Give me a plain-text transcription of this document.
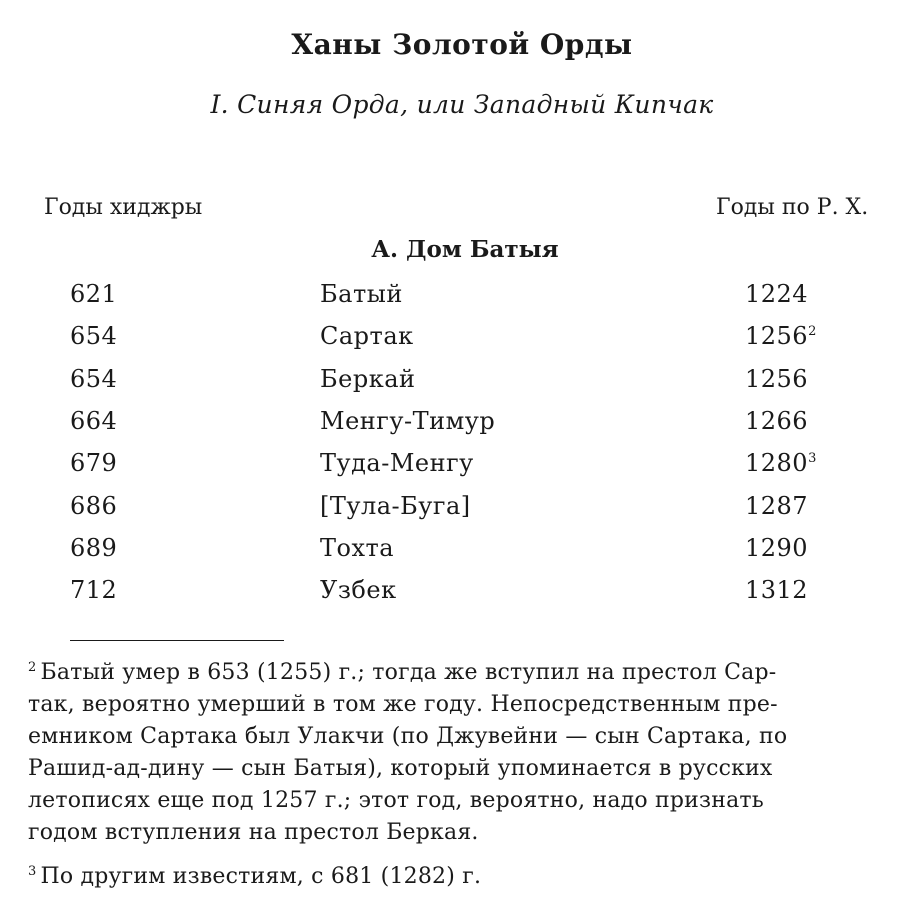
Ханы Золотой Орды
I. Синяя Орда, или Западный Кипчак
Годы хиджры	Годы по Р. X.
А. Дом Батыя
621	Батый	1224
654	Сартак	1256$^2$
654	Беркай	1256
664	Менгу-Тимур	1266
679	Туда-Менгу	1280$^3$
686	[Тула-Буга]	1287
689	Тохта	1290
712	Узбек	1312
$^2$ Батый умер в 653 (1255) г.; тогда же вступил на престол Сар-
так, вероятно умерший в том же году. Непосредственным пре-
емником Сартака был Улакчи (по Джувейни — сын Сартака, по
Рашид-ад-дину — сын Батыя), который упоминается в русских
летописях еще под 1257 г.; этот год, вероятно, надо признать
годом вступления на престол Беркая.
$^3$ По другим известиям, с 681 (1282) г.
